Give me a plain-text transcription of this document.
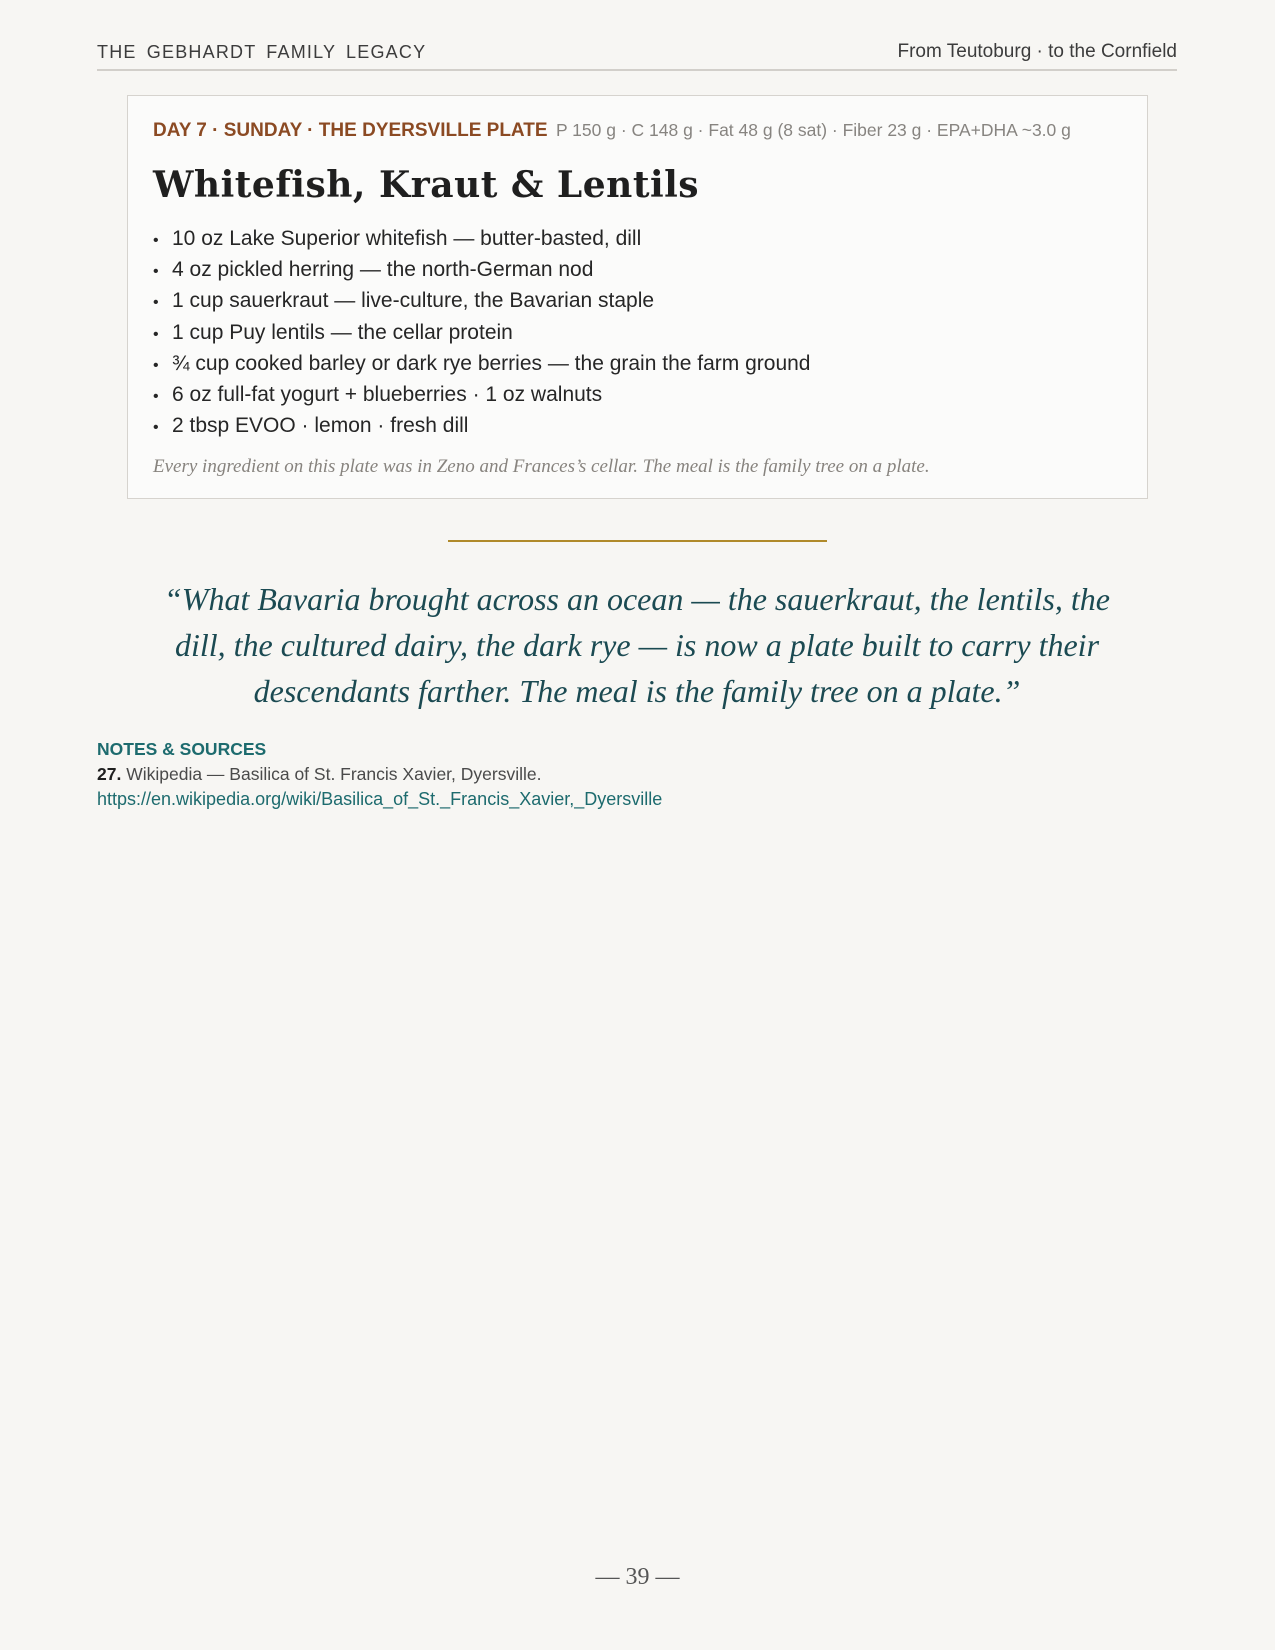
THE GEBHARDT FAMILY LEGACY	From Teutoburg · to the Cornfield
DAY 7 · SUNDAY · THE DYERSVILLE PLATE P 150 g · C 148 g · Fat 48 g (8 sat) · Fiber 23 g · EPA+DHA ~3.0 g
Whitefish, Kraut & Lentils
• 10 oz Lake Superior whitefish — butter-basted, dill
• 4 oz pickled herring — the north-German nod
• 1 cup sauerkraut — live-culture, the Bavarian staple
• 1 cup Puy lentils — the cellar protein
• ¾ cup cooked barley or dark rye berries — the grain the farm ground
• 6 oz full-fat yogurt + blueberries · 1 oz walnuts
• 2 tbsp EVOO · lemon · fresh dill

Every ingredient on this plate was in Zeno and Frances’s cellar. The meal is the family tree on a plate.

“What Bavaria brought across an ocean — the sauerkraut, the lentils, the dill, the cultured dairy, the dark rye — is now a plate built to carry their descendants farther. The meal is the family tree on a plate.”
NOTES & SOURCES
27. Wikipedia — Basilica of St. Francis Xavier, Dyersville.
https://en.wikipedia.org/wiki/Basilica_of_St._Francis_Xavier,_Dyersville
— 39 —
